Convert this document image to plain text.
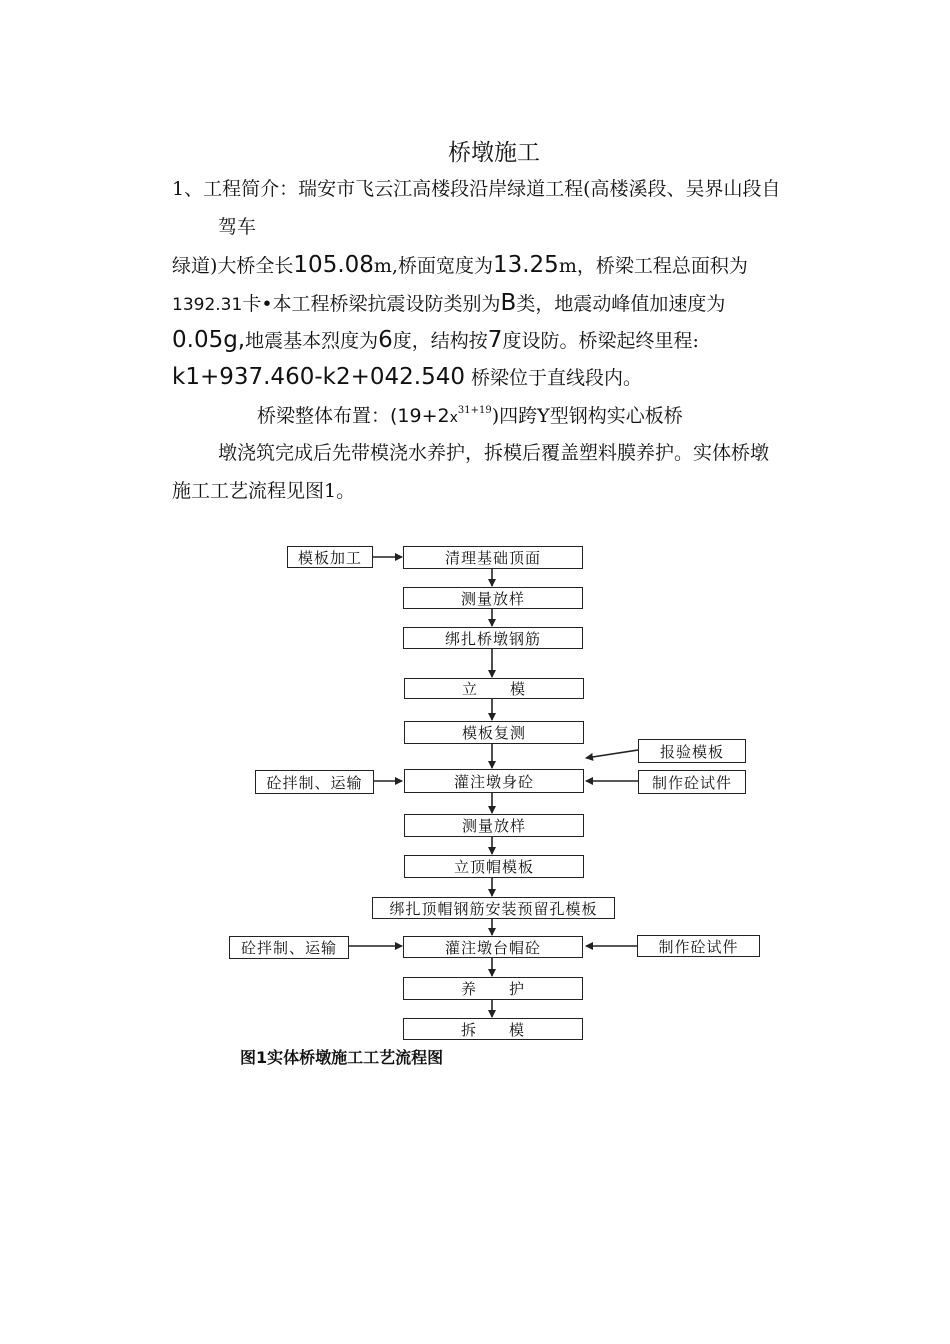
桥墩施工
1、工程简介：瑞安市飞云江高楼段沿岸绿道工程(高楼溪段、吴界山段自
驾车
绿道)大桥全长105.08m,桥面宽度为13.25m，桥梁工程总面积为
1392.31卡•本工程桥梁抗震设防类别为B类，地震动峰值加速度为
0.05g,地震基本烈度为6度，结构按7度设防。桥梁起终里程:
k1+937.460-k2+042.540 桥梁位于直线段内。
桥梁整体布置：$(19+2x^{31+19})$四跨Y型钢构实心板桥
墩浇筑完成后先带模浇水养护，拆模后覆盖塑料膜养护。实体桥墩
施工工艺流程见图1。
清理基础顶面
测量放样
绑扎桥墩钢筋
立　　模
模板复测
灌注墩身砼
测量放样
立顶帽模板
绑扎顶帽钢筋安装预留孔模板
灌注墩台帽砼
养　　护
拆　　模
模板加工
报验模板
砼拌制、运输	制作砼试件
砼拌制、运输	制作砼试件
图1实体桥墩施工工艺流程图
